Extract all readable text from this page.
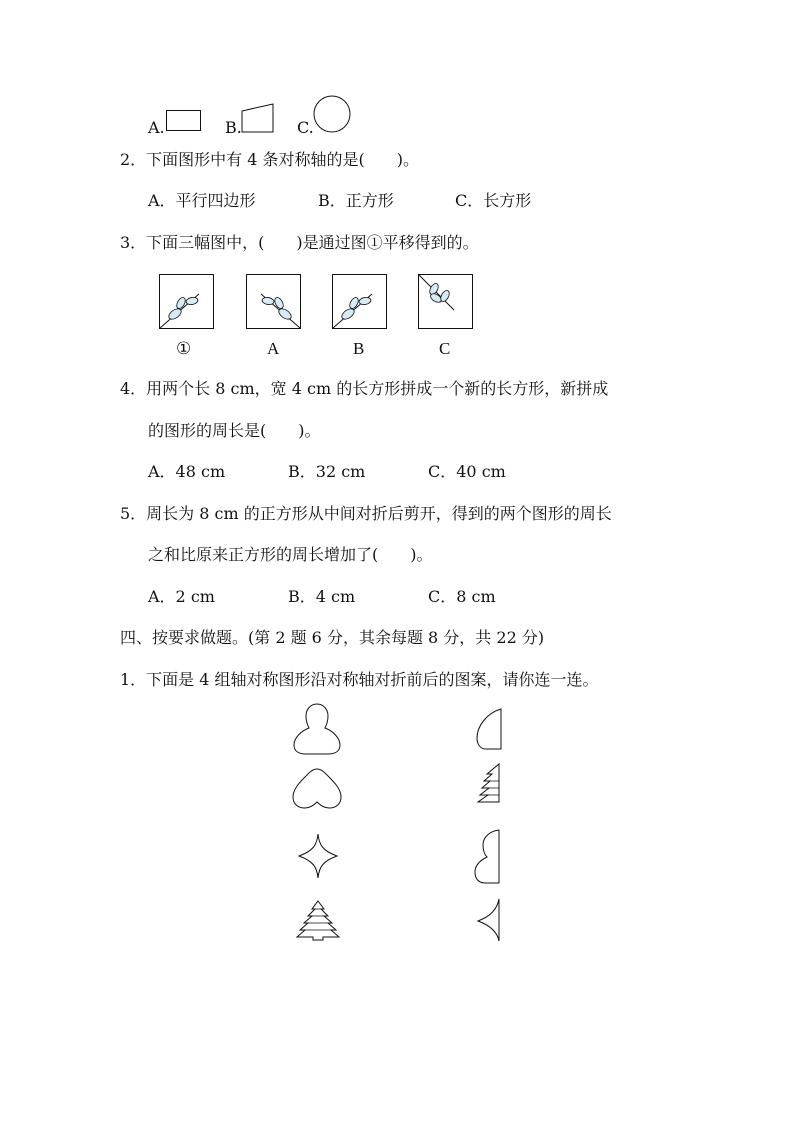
A.	B.	C.
2．下面图形中有 4 条对称轴的是(　　)。
A．平行四边形	B．正方形	C．长方形
3．下面三幅图中，(　　)是通过图①平移得到的。
①	A	B	C
4．用两个长 8 cm，宽 4 cm 的长方形拼成一个新的长方形，新拼成
的图形的周长是(　　)。
A．48 cm	B．32 cm	C．40 cm
5．周长为 8 cm 的正方形从中间对折后剪开，得到的两个图形的周长
之和比原来正方形的周长增加了(　　)。
A．2 cm	B．4 cm	C．8 cm
四、按要求做题。(第 2 题 6 分，其余每题 8 分，共 22 分)
1．下面是 4 组轴对称图形沿对称轴对折前后的图案，请你连一连。
